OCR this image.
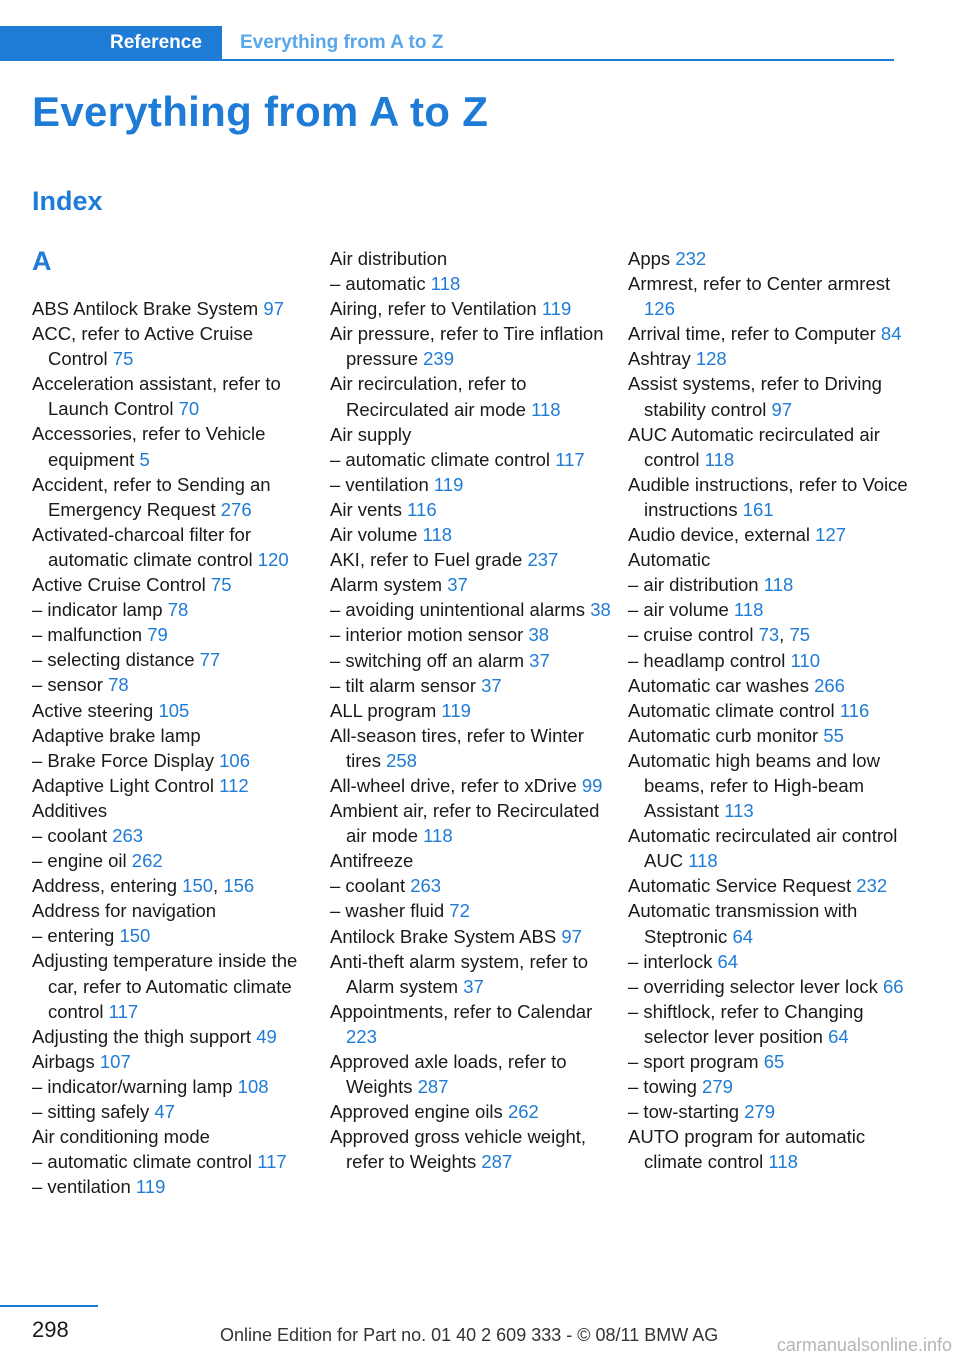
Reference Everything from A to Z
Everything from A to Z
Index
A
ABS Antilock Brake System 97
ACC, refer to Active Cruise Control 75
Acceleration assistant, refer to Launch Control 70
Accessories, refer to Vehicle equipment 5
Accident, refer to Sending an Emergency Request 276
Activated-charcoal filter for automatic climate control 120
Active Cruise Control 75
– indicator lamp 78
– malfunction 79
– selecting distance 77
– sensor 78
Active steering 105
Adaptive brake lamp
– Brake Force Display 106
Adaptive Light Control 112
Additives
– coolant 263
– engine oil 262
Address, entering 150, 156
Address for navigation
– entering 150
Adjusting temperature inside the car, refer to Automatic climate control 117
Adjusting the thigh support 49
Airbags 107
– indicator/warning lamp 108
– sitting safely 47
Air conditioning mode
– automatic climate control 117
– ventilation 119
Air distribution
– automatic 118
Airing, refer to Ventilation 119
Air pressure, refer to Tire inflation pressure 239
Air recirculation, refer to Recirculated air mode 118
Air supply
– automatic climate control 117
– ventilation 119
Air vents 116
Air volume 118
AKI, refer to Fuel grade 237
Alarm system 37
– avoiding unintentional alarms 38
– interior motion sensor 38
– switching off an alarm 37
– tilt alarm sensor 37
ALL program 119
All-season tires, refer to Winter tires 258
All-wheel drive, refer to xDrive 99
Ambient air, refer to Recirculated air mode 118
Antifreeze
– coolant 263
– washer fluid 72
Antilock Brake System ABS 97
Anti-theft alarm system, refer to Alarm system 37
Appointments, refer to Calendar 223
Approved axle loads, refer to Weights 287
Approved engine oils 262
Approved gross vehicle weight, refer to Weights 287
Apps 232
Armrest, refer to Center armrest 126
Arrival time, refer to Computer 84
Ashtray 128
Assist systems, refer to Driving stability control 97
AUC Automatic recirculated air control 118
Audible instructions, refer to Voice instructions 161
Audio device, external 127
Automatic
– air distribution 118
– air volume 118
– cruise control 73, 75
– headlamp control 110
Automatic car washes 266
Automatic climate control 116
Automatic curb monitor 55
Automatic high beams and low beams, refer to High-beam Assistant 113
Automatic recirculated air control AUC 118
Automatic Service Request 232
Automatic transmission with Steptronic 64
– interlock 64
– overriding selector lever lock 66
– shiftlock, refer to Changing selector lever position 64
– sport program 65
– towing 279
– tow-starting 279
AUTO program for automatic climate control 118
298	Online Edition for Part no. 01 40 2 609 333 - © 08/11 BMW AG	carmanualsonline.info
